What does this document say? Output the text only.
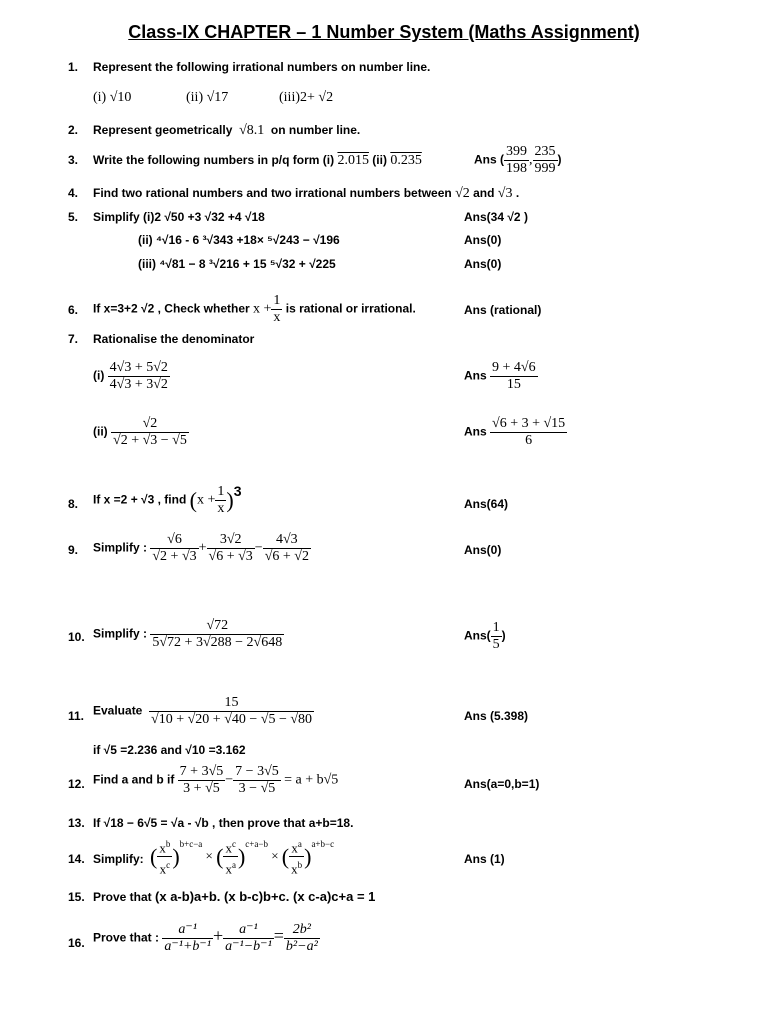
Class-IX CHAPTER – 1 Number System (Maths Assignment)
1. Represent the following irrational numbers on number line.
(i) √10	(ii) √17	(iii)2+ √2
2. Represent geometrically √8.1 on number line.
3. Write the following numbers in p/q form (i) 2.015 (ii) 0.235	Ans ( $\frac{399}{198}$ , $\frac{235}{999}$ )
4. Find two rational numbers and two irrational numbers between √2 and √3 .
5. Simplify (i)2 √50 +3 √32 +4 √18	Ans(34 √2 )
(ii) ⁴√16 - 6 ³√343 +18× ⁵√243 − √196	Ans(0)
(iii) ⁴√81 − 8 ³√216 + 15 ⁵√32 + √225	Ans(0)
6. If x=3+2 √2 , Check whether $x + \frac{1}{x}$ is rational or irrational.	Ans (rational)
7. Rationalise the denominator
$(i) \frac{4√3 + 5√2}{4√3 + 3√2}$	Ans $\frac{9 + 4√6}{15}$
$(ii) \frac{√2}{√2 + √3 - √5}$	Ans $\frac{√6 + 3 + √15}{6}$
8. If x =2 + √3 , find $(x + \frac{1}{x} )3$
Ans(64)
9. Simplify : $\frac{√6}{√2 + √3} + \frac{3√2}{√6 + √3} - \frac{4√3}{√6 + √2}$	Ans(0)
10. Simplify : $\frac{√72}{5√72 + 3√288 - 2√648}$	$Ans( \frac{1}{5}$ )
11. Evaluate $\frac{15}{√10 + √20 + √40 - √5 - √80}$	Ans (5.398)
if √5 =2.236 and √10 =3.162
12. Find a and b if $\frac{7 + 3√5}{3 + √5} - \frac{7 - 3√5}{3 - √5} = a + b√5$	Ans(a=0,b=1)
13. If √18 − 6√5 = √a - √b , then prove that a+b=18.
14. Simplify: ( $\frac{x^b}{x^c} )^{b+c-a}$ × ( $\frac{x^c}{x^a} )^{c+a-b}$ × ( $\frac{x^a}{x^b} )^{a+b-c}$
Ans (1)
15. Prove that (x a-b)a+b. (x b-c)b+c. (x c-a)c+a = 1
16. Prove that : $\frac{\text{a⁻¹}}{\text{a⁻¹+b⁻¹}} + \frac{\text{a⁻¹}}{\text{a⁻¹−b⁻¹}} = \frac{\text{2b²}}{\text{b²−a²}}$
